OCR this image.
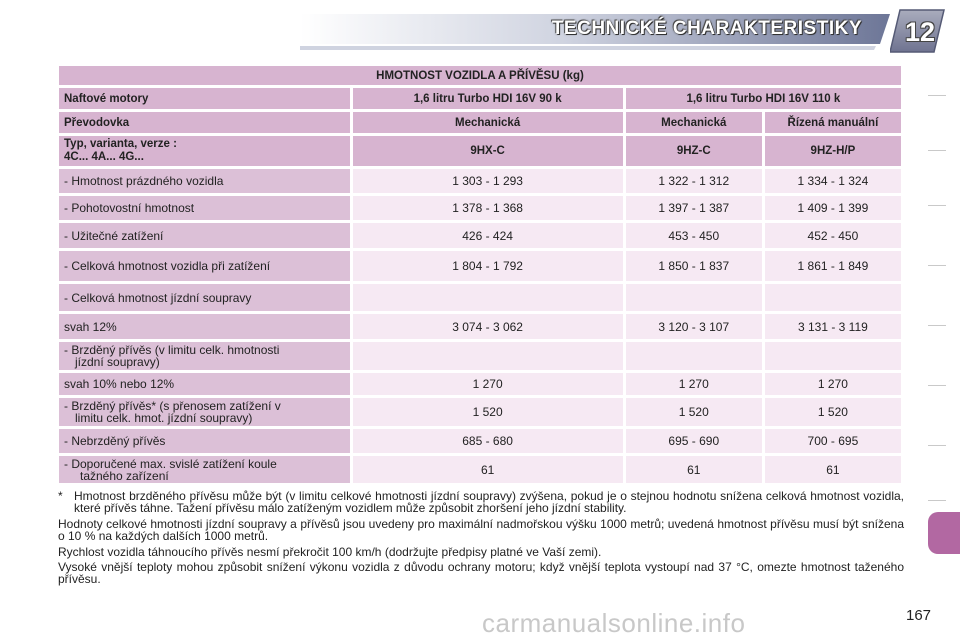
12
TECHNICKÉ CHARAKTERISTIKY
HMOTNOST VOZIDLA A PŘÍVĚSU (kg)			
Naftové motory	1,6 litru Turbo HDI 16V 90 k	1,6 litru Turbo HDI 16V 110 k	
Převodovka	Mechanická	Mechanická	Řízená manuální

Typ, varianta, verze :
4C... 4A... 4G...	9HX-C	9HZ-C	9HZ-H/P
- Hmotnost prázdného vozidla	1 303 - 1 293	1 322 - 1 312	1 334 - 1 324
- Pohotovostní hmotnost	1 378 - 1 368	1 397 - 1 387	1 409 - 1 399
- Užitečné zatížení	426 - 424	453 - 450	452 - 450
- Celková hmotnost vozidla při zatížení	1 804 - 1 792	1 850 - 1 837	1 861 - 1 849
- Celková hmotnost jízdní soupravy			
svah 12%	3 074 - 3 062	3 120 - 3 107	3 131 - 3 119

- Brzděný přívěs (v limitu celk. hmotnosti
jízdní soupravy)			

svah 10% nebo 12%	1 270	1 270	1 270

- Brzděný přívěs* (s přenosem zatížení v
limitu celk. hmot. jízdní soupravy)	1 520	1 520	1 520
- Nebrzděný přívěs	685 - 680	695 - 690	700 - 695

- Doporučené max. svislé zatížení koule
tažného zařízení	61	61	61

* Hmotnost brzděného přívěsu může být (v limitu celkové hmotnosti jízdní soupravy) zvýšena, pokud je o stejnou hodnotu snížena celková hmotnost vozidla, které přívěs táhne. Tažení přívěsu málo zatíženým vozidlem může způsobit zhoršení jeho jízdní stability.

Hodnoty celkové hmotnosti jízdní soupravy a přívěsů jsou uvedeny pro maximální nadmořskou výšku 1000 metrů; uvedená hmotnost přívěsu musí být snížena o 10 % na každých dalších 1000 metrů.

Rychlost vozidla táhnoucího přívěs nesmí překročit 100 km/h (dodržujte předpisy platné ve Vaší zemi).

Vysoké vnější teploty mohou způsobit snížení výkonu vozidla z důvodu ochrany motoru; když vnější teplota vystoupí nad 37 °C, omezte hmotnost taženého přívěsu.

carmanualsonline.info	167
